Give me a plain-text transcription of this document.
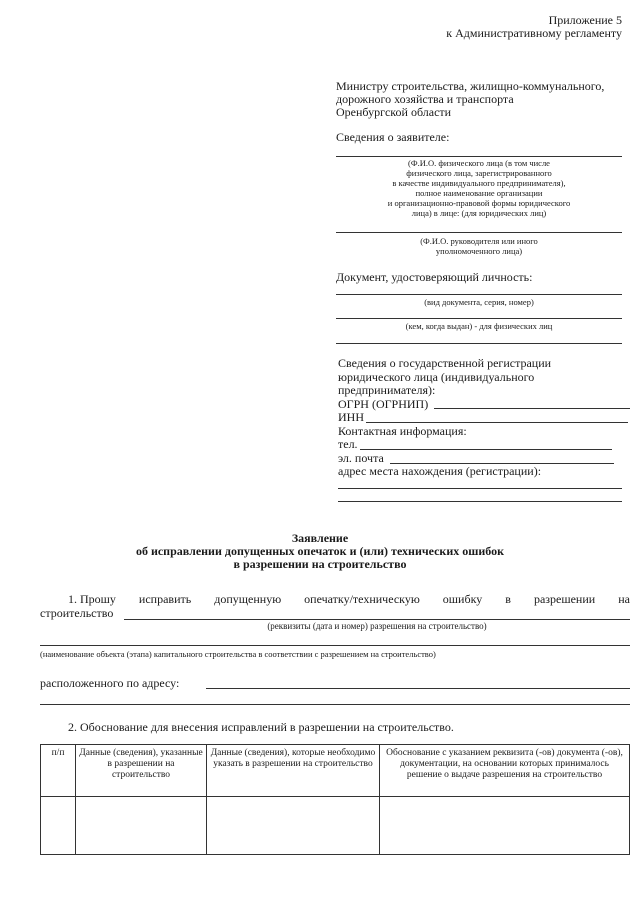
Приложение 5
к Административному регламенту
Министру строительства, жилищно-коммунального,
дорожного хозяйства и транспорта
Оренбургской области
Сведения о заявителе:
(Ф.И.О. физического лица (в том числе
физического лица, зарегистрированного
в качестве индивидуального предпринимателя),
полное наименование организации
и организационно-правовой формы юридического
лица) в лице: (для юридических лиц)
(Ф.И.О. руководителя или иного
уполномоченного лица)
Документ, удостоверяющий личность:
(вид документа, серия, номер)
(кем, когда выдан) - для физических лиц
Сведения о государственной регистрации
юридического лица (индивидуального
предпринимателя):
ОГРН (ОГРНИП)
ИНН
Контактная информация:
тел.
эл. почта
адрес места нахождения (регистрации):
Заявление
об исправлении допущенных опечаток и (или) технических ошибок
в разрешении на строительство
1. Прошу исправить допущенную опечатку/техническую ошибку в разрешении на
строительство
(реквизиты (дата и номер) разрешения на строительство)
(наименование объекта (этапа) капитального строительства в соответствии с разрешением на строительство)
расположенного по адресу:
2. Обоснование для внесения исправлений в разрешении на строительство.
п/п	Данные (сведения), указанные в разрешении на строительство	Данные (сведения), которые необходимо указать в разрешении на строительство	Обоснование с указанием реквизита (-ов) документа (-ов), документации, на основании которых принималось решение о выдаче разрешения на строительство
